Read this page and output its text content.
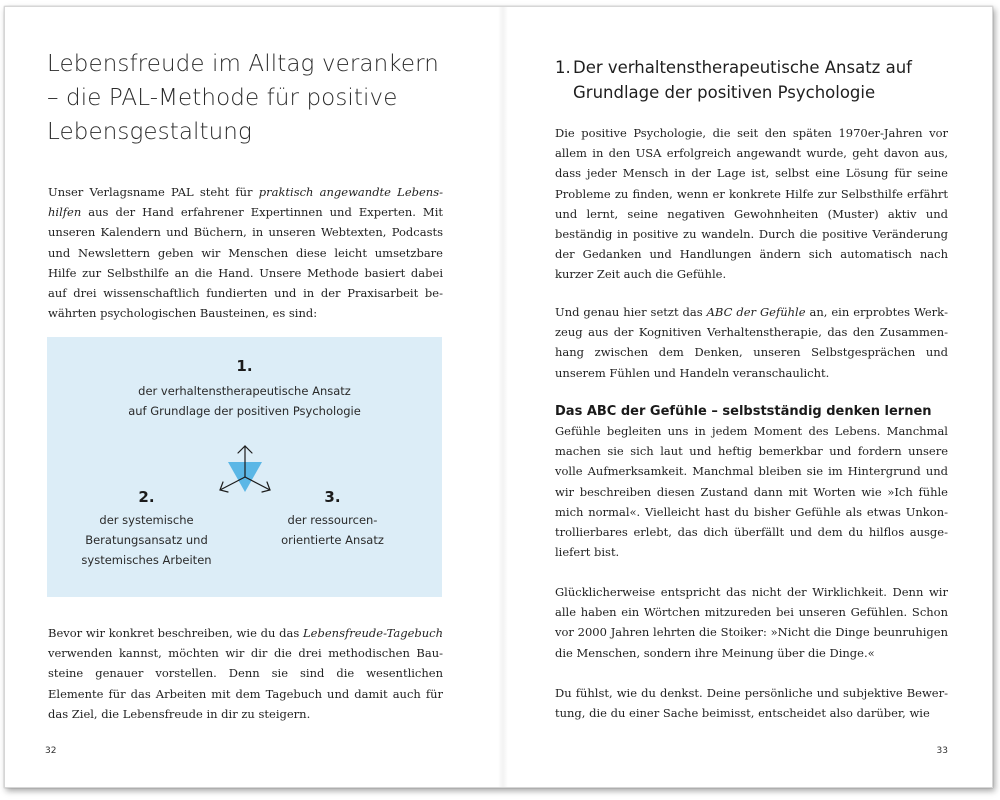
Lebensfreude im Alltag verankern – die PAL-Methode für positive Lebensgestaltung

Unser Verlagsname PAL steht für praktisch angewandte Lebenshilfen aus der Hand erfahrener Expertinnen und Experten. Mit unseren Kalendern und Büchern, in unseren Webtexten, Podcasts und Newslettern geben wir Menschen diese leicht umsetzbare Hilfe zur Selbsthilfe an die Hand. Unsere Methode basiert dabei auf drei wissenschaftlich fundierten und in der Praxisarbeit bewährten psychologischen Bausteinen, es sind:

1.

der verhaltenstherapeutische Ansatz
auf Grundlage der positiven Psychologie

2.

der systemische
Beratungsansatz und
systemisches Arbeiten

3.

der ressourcen-
orientierte Ansatz

Bevor wir konkret beschreiben, wie du das Lebensfreude-Tagebuch verwenden kannst, möchten wir dir die drei methodischen Bausteine genauer vorstellen. Denn sie sind die wesentlichen Elemente für das Arbeiten mit dem Tagebuch und damit auch für das Ziel, die Lebensfreude in dir zu steigern.

32
1. Der verhaltenstherapeutische Ansatz auf
Grundlage der positiven Psychologie

Die positive Psychologie, die seit den späten 1970er-Jahren vor allem in den USA erfolgreich angewandt wurde, geht davon aus, dass jeder Mensch in der Lage ist, selbst eine Lösung für seine Probleme zu finden, wenn er konkrete Hilfe zur Selbsthilfe erfährt und lernt, seine negativen Gewohnheiten (Muster) aktiv und beständig in positive zu wandeln. Durch die positive Veränderung der Gedanken und Handlungen ändern sich automatisch nach kurzer Zeit auch die Gefühle.

Und genau hier setzt das ABC der Gefühle an, ein erprobtes Werkzeug aus der Kognitiven Verhaltenstherapie, das den Zusammenhang zwischen dem Denken, unseren Selbstgesprächen und unserem Fühlen und Handeln veranschaulicht.

Das ABC der Gefühle – selbstständig denken lernen

Gefühle begleiten uns in jedem Moment des Lebens. Manchmal machen sie sich laut und heftig bemerkbar und fordern unsere volle Aufmerksamkeit. Manchmal bleiben sie im Hintergrund und wir beschreiben diesen Zustand dann mit Worten wie »Ich fühle mich normal«. Vielleicht hast du bisher Gefühle als etwas Unkontrollierbares erlebt, das dich überfällt und dem du hilflos ausgeliefert bist.

Glücklicherweise entspricht das nicht der Wirklichkeit. Denn wir alle haben ein Wörtchen mitzureden bei unseren Gefühlen. Schon vor 2000 Jahren lehrten die Stoiker: »Nicht die Dinge beunruhigen die Menschen, sondern ihre Meinung über die Dinge.«

Du fühlst, wie du denkst. Deine persönliche und subjektive Bewertung, die du einer Sache beimisst, entscheidet also darüber, wie

33
